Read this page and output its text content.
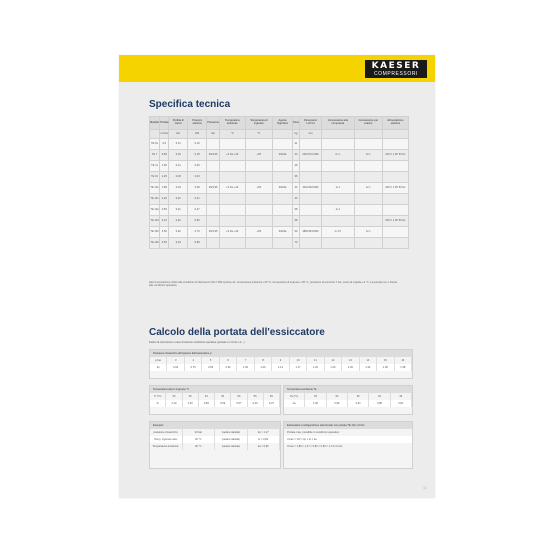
KAESER
COMPRESSORI
Specifica tecnica
Modello	Portata	Perdita di carico	Potenza elettrica	Pressione	Temperatura ambiente	Temperatura di ingresso	Agente frigorifero	Peso	Dimensioni L×P×H	Connessione aria compressa	Connessione per scarico	Alimentazione elettrica
	m³/min	bar	kW	bar	°C	°C		kg	mm			
TE 61	0,6	0,11	0,16					21				
TE 7	0,89	0,15	0,18	25/4,95	+3 bis +43	+65	R134a	24	230×572×490	G ¾	G ¼	230 V 1 Ph 50 Hz
TE 11	1,06	0,11	0,20					26				
TE 91	1,25	0,18	0,20					36				
TE 121	1,89	0,19	0,28	25/4,95	+3 bis +43	+65	R134a	40	402×622×690	G 1	G ¼	230 V 1 Ph 50 Hz
TE 141	2,20	0,21	0,41					40				
TE 142	2,55	0,21	0,47					68		G 1		
TE 143	3,10	0,22	0,60					68				230 V 1 Ph 50 Hz
TE 145	3,50	0,22	0,70	25/4,95	+3 bis +43	+65	R134a	69	488×663×830	G 1½	G ¼	
TE 146	4,50	0,23	0,89					70				
Dati di prestazione riferiti alle condizioni di riferimento ISO 7183 opzione A1: temperatura ambiente +25 °C, temperatura di ingresso +35 °C, pressione di esercizio 7 bar, punto di rugiada +3 °C. La portata non è riferita alle condizioni operative.
Calcolo della portata dell'essiccatore
Fattori di correzione in caso di diverse condizioni operative (portata in m³/min x k...)
Pressione d'esercizio all'ingresso dell'essiccatore p
p bar	3	4	5	6	7	8	9	10	11	12	13	14	15	16
kp	0,64	0,75	0,84	0,92	1,00	1,06	1,12	1,17	1,22	1,26	1,30	1,33	1,36	1,38
Temperatura aria in ingresso Ti
Ti (°C)	30	35	40	45	50	55	60
ki	1,19	1,00	0,82	0,69	0,57	0,46	0,37
Temperatura ambiente Ta
Ta (°C)	25	30	35	40	43
ka	1,00	0,96	0,91	0,85	0,81
Esempio:
pressione d'esercizio:	10 bar	(vedere tabella)	kp = 1,17
Temp. ingresso aria:	40 °C	(vedere tabella)	ki = 0,82
Temperatura ambiente:	30 °C	(vedere tabella)	ka = 0,96
Essiccatore a refrigerazione selezionato con portata TE 121 m³/min
Portata max. possibile in condizioni operative:
Vmax = Vrif × kp × ki × ka
Vmax = 1,89 × 1,17 × 0,82 × 0,96 = 1,74 m³/min
11
